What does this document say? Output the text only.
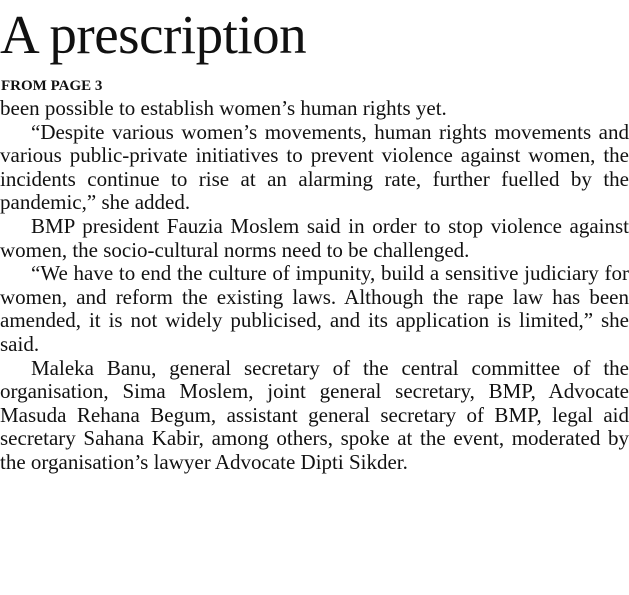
A prescription
FROM PAGE 3

been possible to establish women’s human rights yet.

“Despite various women’s movements, human rights movements and various public-private initiatives to prevent violence against women, the incidents continue to rise at an alarming rate, further fuelled by the pandemic,” she added.

BMP president Fauzia Moslem said in order to stop violence against women, the socio-cultural norms need to be challenged.

“We have to end the culture of impunity, build a sensitive judiciary for women, and reform the existing laws. Although the rape law has been amended, it is not widely publicised, and its application is limited,” she said.

Maleka Banu, general secretary of the central committee of the organisation, Sima Moslem, joint general secretary, BMP, Advocate Masuda Rehana Begum, assistant general secretary of BMP, legal aid secretary Sahana Kabir, among others, spoke at the event, moderated by the organisation’s lawyer Advocate Dipti Sikder.
